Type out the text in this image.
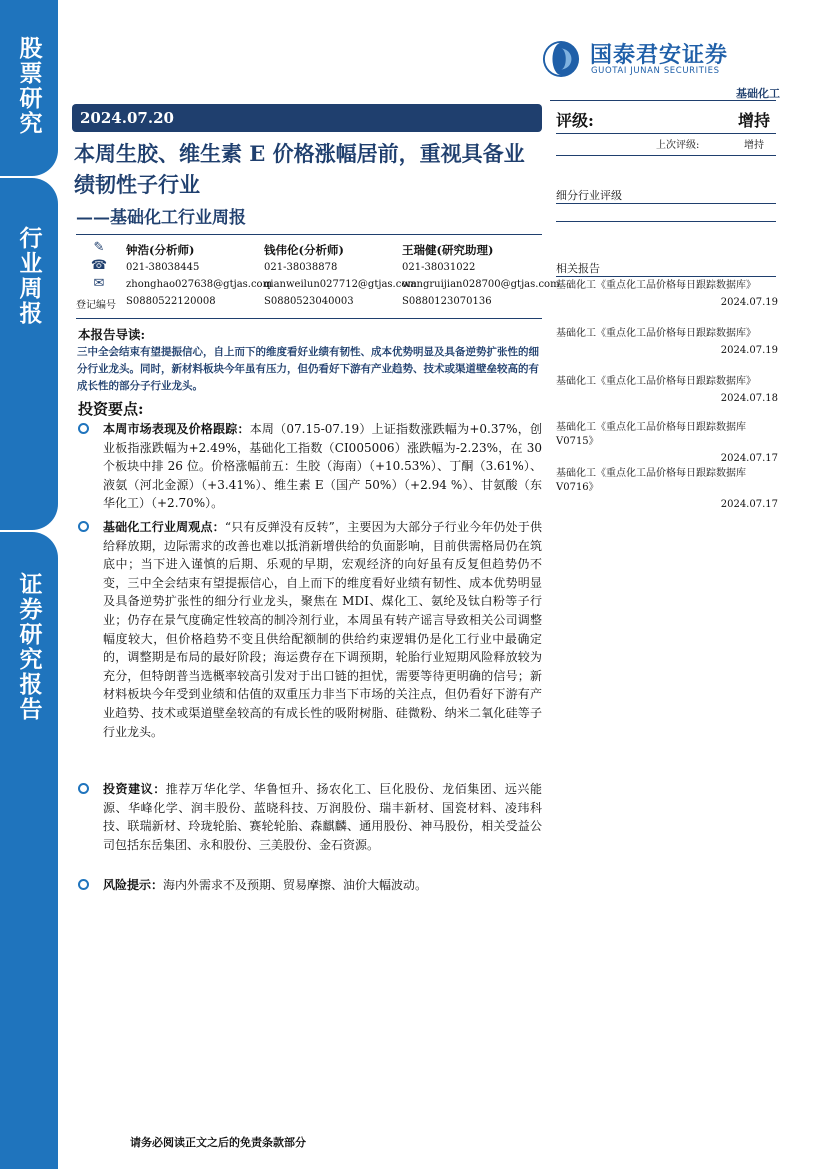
股票研究
行业周报
证券研究报告
国泰君安证券
GUOTAI JUNAN SECURITIES
基础化工
2024.07.20
本周生胶、维生素 E 价格涨幅居前，重视具备业绩韧性子行业
——基础化工行业周报
✎
☎
✉
钟浩(分析师)
021-38038445
zhonghao027638@gtjas.com
S0880522120008
钱伟伦(分析师)
021-38038878
qianweilun027712@gtjas.com
S0880523040003
王瑞健(研究助理)
021-38031022
wangruijian028700@gtjas.com
S0880123070136
登记编号
本报告导读:
三中全会结束有望提振信心，自上而下的维度看好业绩有韧性、成本优势明显及具备逆势扩张性的细分行业龙头。同时，新材料板块今年虽有压力，但仍看好下游有产业趋势、技术或渠道壁垒较高的有成长性的部分子行业龙头。
投资要点:
本周市场表现及价格跟踪：本周（07.15-07.19）上证指数涨跌幅为+0.37%，创业板指涨跌幅为+2.49%，基础化工指数（CI005006）涨跌幅为-2.23%，在 30 个板块中排 26 位。价格涨幅前五：生胶（海南）（+10.53%）、丁酮（3.61%）、液氨（河北金源）（+3.41%）、维生素 E（国产 50%）（+2.94 %）、甘氨酸（东华化工）（+2.70%）。
基础化工行业周观点：“只有反弹没有反转”，主要因为大部分子行业今年仍处于供给释放期，边际需求的改善也难以抵消新增供给的负面影响，目前供需格局仍在筑底中；当下进入谨慎的后期、乐观的早期，宏观经济的向好虽有反复但趋势仍不变，三中全会结束有望提振信心，自上而下的维度看好业绩有韧性、成本优势明显及具备逆势扩张性的细分行业龙头，聚焦在 MDI、煤化工、氨纶及钛白粉等子行业；仍存在景气度确定性较高的制冷剂行业，本周虽有转产谣言导致相关公司调整幅度较大，但价格趋势不变且供给配额制的供给约束逻辑仍是化工行业中最确定的，调整期是布局的最好阶段；海运费存在下调预期，轮胎行业短期风险释放较为充分，但特朗普当选概率较高引发对于出口链的担忧，需要等待更明确的信号；新材料板块今年受到业绩和估值的双重压力非当下市场的关注点，但仍看好下游有产业趋势、技术或渠道壁垒较高的有成长性的吸附树脂、硅微粉、纳米二氧化硅等子行业龙头。
投资建议：推荐万华化学、华鲁恒升、扬农化工、巨化股份、龙佰集团、远兴能源、华峰化学、润丰股份、蓝晓科技、万润股份、瑞丰新材、国瓷材料、凌玮科技、联瑞新材、玲珑轮胎、赛轮轮胎、森麒麟、通用股份、神马股份，相关受益公司包括东岳集团、永和股份、三美股份、金石资源。
风险提示：海内外需求不及预期、贸易摩擦、油价大幅波动。
评级:	增持
上次评级:	增持
细分行业评级
相关报告
基础化工《重点化工品价格每日跟踪数据库》
2024.07.19
基础化工《重点化工品价格每日跟踪数据库》
2024.07.19
基础化工《重点化工品价格每日跟踪数据库》
2024.07.18
基础化工《重点化工品价格每日跟踪数据库 V0715》
2024.07.17
基础化工《重点化工品价格每日跟踪数据库 V0716》
2024.07.17
请务必阅读正文之后的免责条款部分
